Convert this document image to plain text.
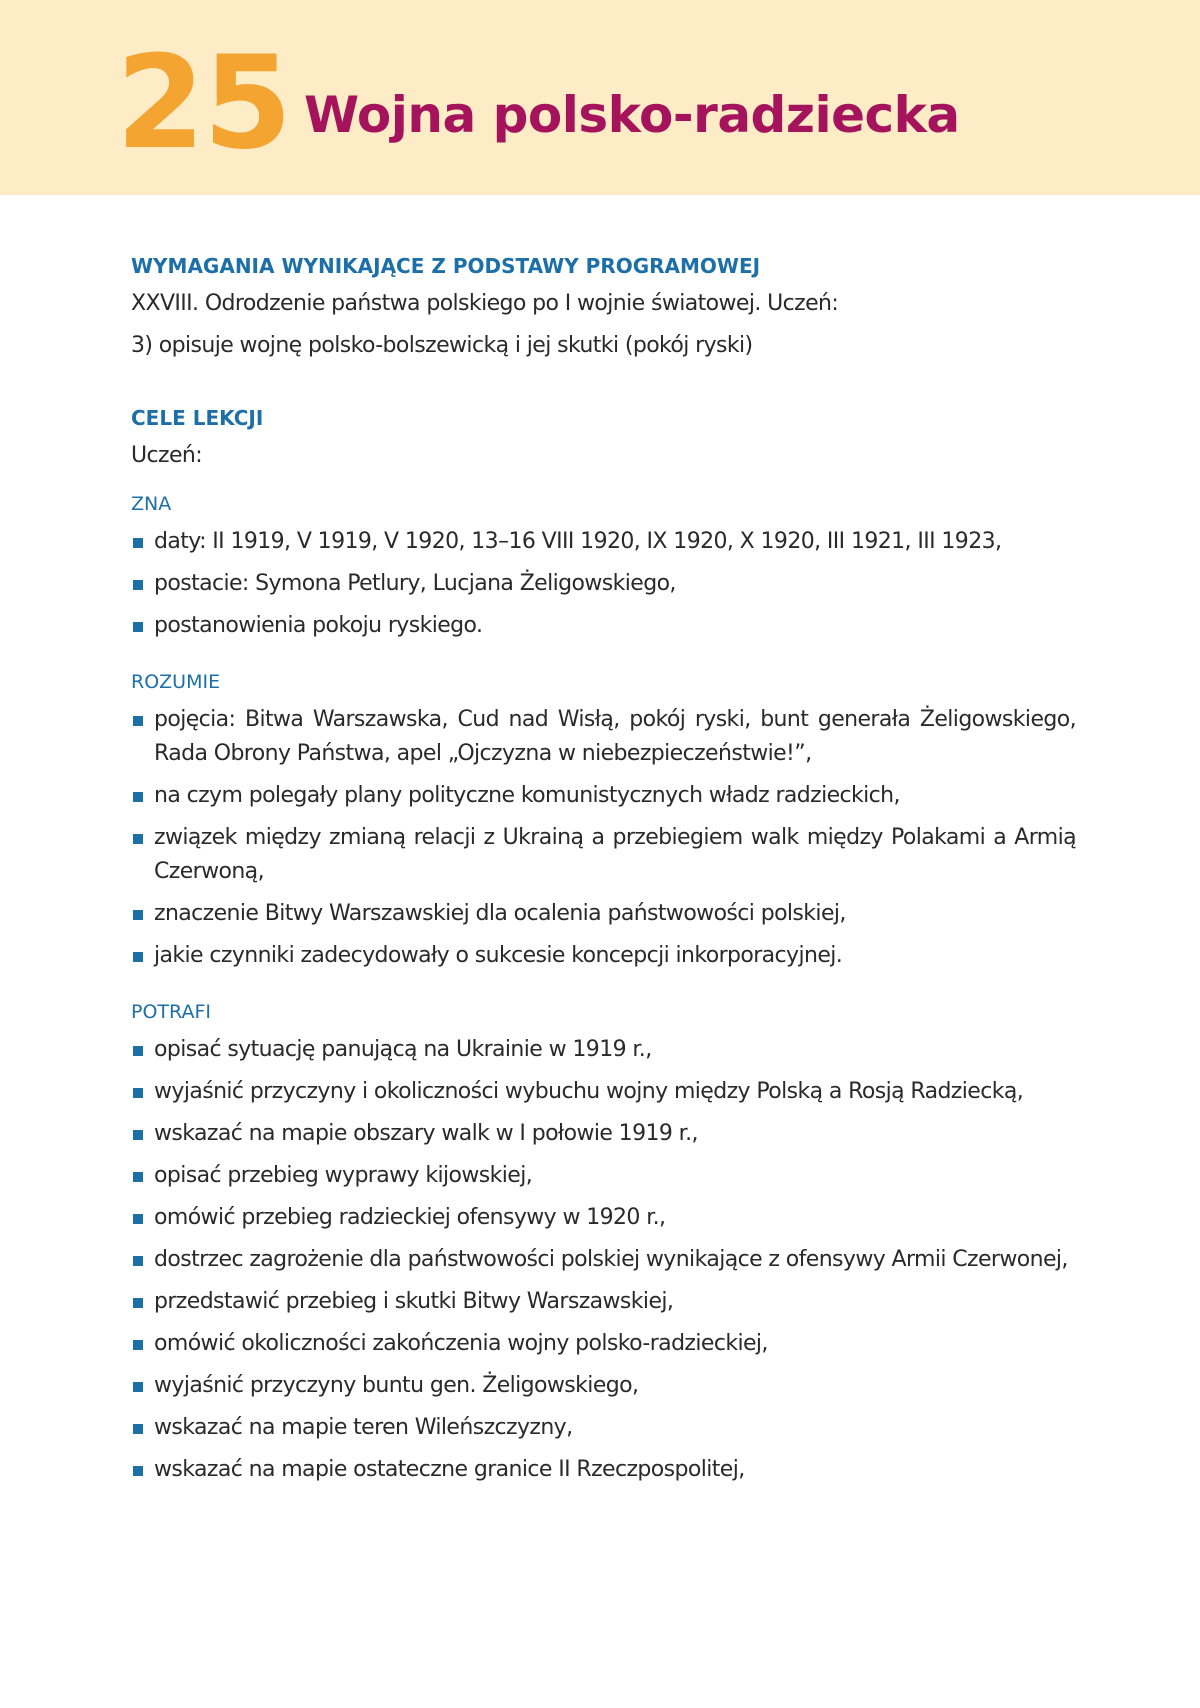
25 Wojna polsko-radziecka
WYMAGANIA WYNIKAJĄCE Z PODSTAWY PROGRAMOWEJ

XXVIII. Odrodzenie państwa polskiego po I wojnie światowej. Uczeń:

3) opisuje wojnę polsko-bolszewicką i jej skutki (pokój ryski)

CELE LEKCJI

Uczeń:

ZNA
daty: II 1919, V 1919, V 1920, 13–16 VIII 1920, IX 1920, X 1920, III 1921, III 1923,
postacie: Symona Petlury, Lucjana Żeligowskiego,
postanowienia pokoju ryskiego.
ROZUMIE
pojęcia: Bitwa Warszawska, Cud nad Wisłą, pokój ryski, bunt generała Żeligowskiego, Rada Obrony Państwa, apel „Ojczyzna w niebezpieczeństwie!”,
na czym polegały plany polityczne komunistycznych władz radzieckich,
związek między zmianą relacji z Ukrainą a przebiegiem walk między Polakami a Armią Czerwoną,
znaczenie Bitwy Warszawskiej dla ocalenia państwowości polskiej,
jakie czynniki zadecydowały o sukcesie koncepcji inkorporacyjnej.
POTRAFI
opisać sytuację panującą na Ukrainie w 1919 r.,
wyjaśnić przyczyny i okoliczności wybuchu wojny między Polską a Rosją Radziecką,
wskazać na mapie obszary walk w I połowie 1919 r.,
opisać przebieg wyprawy kijowskiej,
omówić przebieg radzieckiej ofensywy w 1920 r.,
dostrzec zagrożenie dla państwowości polskiej wynikające z ofensywy Armii Czerwonej,
przedstawić przebieg i skutki Bitwy Warszawskiej,
omówić okoliczności zakończenia wojny polsko-radzieckiej,
wyjaśnić przyczyny buntu gen. Żeligowskiego,
wskazać na mapie teren Wileńszczyzny,
wskazać na mapie ostateczne granice II Rzeczpospolitej,
